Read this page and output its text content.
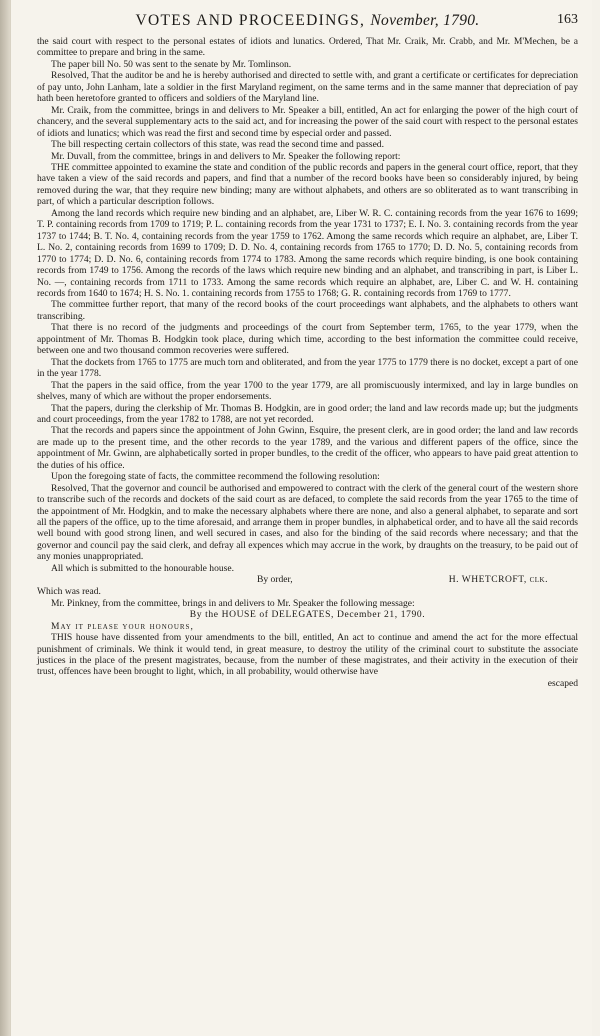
VOTES AND PROCEEDINGS, November, 1790.	163

the said court with respect to the personal estates of idiots and lunatics. Ordered, That Mr. Craik, Mr. Crabb, and Mr. M'Mechen, be a committee to prepare and bring in the same.

The paper bill No. 50 was sent to the senate by Mr. Tomlinson.

Resolved, That the auditor be and he is hereby authorised and directed to settle with, and grant a certificate or certificates for depreciation of pay unto, John Lanham, late a soldier in the first Maryland regiment, on the same terms and in the same manner that depreciation of pay hath been heretofore granted to officers and soldiers of the Maryland line.

Mr. Craik, from the committee, brings in and delivers to Mr. Speaker a bill, entitled, An act for enlarging the power of the high court of chancery, and the several supplementary acts to the said act, and for increasing the power of the said court with respect to the personal estates of idiots and lunatics; which was read the first and second time by especial order and passed.

The bill respecting certain collectors of this state, was read the second time and passed.

Mr. Duvall, from the committee, brings in and delivers to Mr. Speaker the following report:

THE committee appointed to examine the state and condition of the public records and papers in the general court office, report, that they have taken a view of the said records and papers, and find that a number of the record books have been so considerably injured, by being removed during the war, that they require new binding; many are without alphabets, and others are so obliterated as to want transcribing in part, of which a particular description follows.

Among the land records which require new binding and an alphabet, are, Liber W. R. C. containing records from the year 1676 to 1699; T. P. containing records from 1709 to 1719; P. L. containing records from the year 1731 to 1737; E. I. No. 3. containing records from the year 1737 to 1744; B. T. No. 4, containing records from the year 1759 to 1762. Among the same records which require an alphabet, are, Liber T. L. No. 2, containing records from 1699 to 1709; D. D. No. 4, containing records from 1765 to 1770; D. D. No. 5, containing records from 1770 to 1774; D. D. No. 6, containing records from 1774 to 1783. Among the same records which require binding, is one book containing records from 1749 to 1756. Among the records of the laws which require new binding and an alphabet, and transcribing in part, is Liber L. No. —, containing records from 1711 to 1733. Among the same records which require an alphabet, are, Liber C. and W. H. containing records from 1640 to 1674; H. S. No. 1. containing records from 1755 to 1768; G. R. containing records from 1769 to 1777.

The committee further report, that many of the record books of the court proceedings want alphabets, and the alphabets to others want transcribing.

That there is no record of the judgments and proceedings of the court from September term, 1765, to the year 1779, when the appointment of Mr. Thomas B. Hodgkin took place, during which time, according to the best information the committee could receive, between one and two thousand common recoveries were suffered.

That the dockets from 1765 to 1775 are much torn and obliterated, and from the year 1775 to 1779 there is no docket, except a part of one in the year 1778.

That the papers in the said office, from the year 1700 to the year 1779, are all promiscuously intermixed, and lay in large bundles on shelves, many of which are without the proper endorsements.

That the papers, during the clerkship of Mr. Thomas B. Hodgkin, are in good order; the land and law records made up; but the judgments and court proceedings, from the year 1782 to 1788, are not yet recorded.

That the records and papers since the appointment of John Gwinn, Esquire, the present clerk, are in good order; the land and law records are made up to the present time, and the other records to the year 1789, and the various and different papers of the office, since the appointment of Mr. Gwinn, are alphabetically sorted in proper bundles, to the credit of the officer, who appears to have paid great attention to the duties of his office.

Upon the foregoing state of facts, the committee recommend the following resolution:

Resolved, That the governor and council be authorised and empowered to contract with the clerk of the general court of the western shore to transcribe such of the records and dockets of the said court as are defaced, to complete the said records from the year 1765 to the time of the appointment of Mr. Hodgkin, and to make the necessary alphabets where there are none, and also a general alphabet, to separate and sort all the papers of the office, up to the time aforesaid, and arrange them in proper bundles, in alphabetical order, and to have all the said records well bound with good strong linen, and well secured in cases, and also for the binding of the said records where necessary; and that the governor and council pay the said clerk, and defray all expences which may accrue in the work, by draughts on the treasury, to be paid out of any monies unappropriated.

All which is submitted to the honourable house.

By order,	H. WHETCROFT, clk.

Which was read.

Mr. Pinkney, from the committee, brings in and delivers to Mr. Speaker the following message:

By the HOUSE of DELEGATES, December 21, 1790.

May it please your honours,

THIS house have dissented from your amendments to the bill, entitled, An act to continue and amend the act for the more effectual punishment of criminals. We think it would tend, in great measure, to destroy the utility of the criminal court to substitute the associate justices in the place of the present magistrates, because, from the number of these magistrates, and their activity in the execution of their trust, offences have been brought to light, which, in all probability, would otherwise have

escaped
